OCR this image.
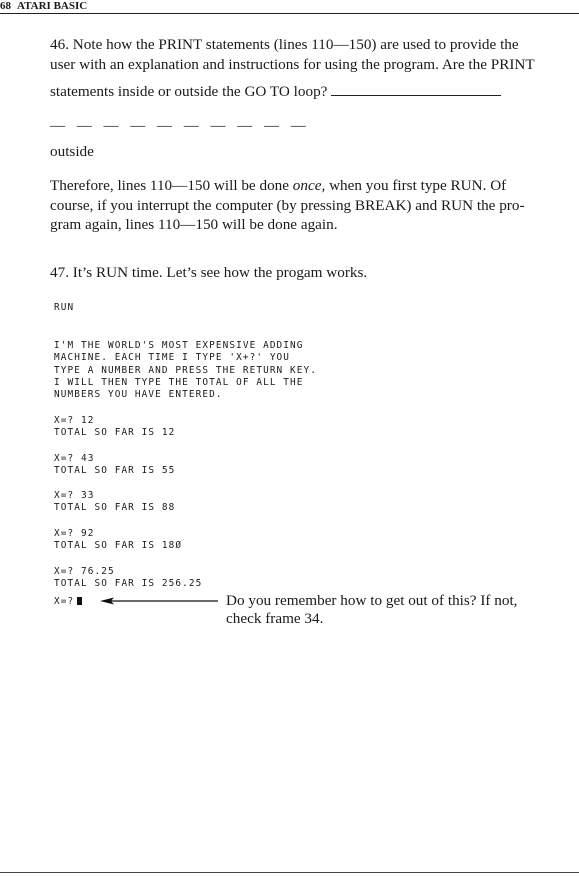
68 ATARI BASIC
46. Note how the PRINT statements (lines 110—150) are used to provide the
user with an explanation and instructions for using the program. Are the PRINT
statements inside or outside the GO TO loop?
— — — — — — — — — —
outside
Therefore, lines 110—150 will be done once, when you first type RUN. Of
course, if you interrupt the computer (by pressing BREAK) and RUN the pro-
gram again, lines 110—150 will be done again.
47. It’s RUN time. Let’s see how the progam works.
RUN

I'M THE WORLD'S MOST EXPENSIVE ADDING
MACHINE. EACH TIME I TYPE 'X+?' YOU
TYPE A NUMBER AND PRESS THE RETURN KEY.
I WILL THEN TYPE THE TOTAL OF ALL THE
NUMBERS YOU HAVE ENTERED.

X=? 12
TOTAL SO FAR IS 12

X=? 43
TOTAL SO FAR IS 55

X=? 33
TOTAL SO FAR IS 88

X=? 92
TOTAL SO FAR IS 18Ø

X=? 76.25
TOTAL SO FAR IS 256.25

X=?	Do you remember how to get out of this? If not,
check frame 34.
